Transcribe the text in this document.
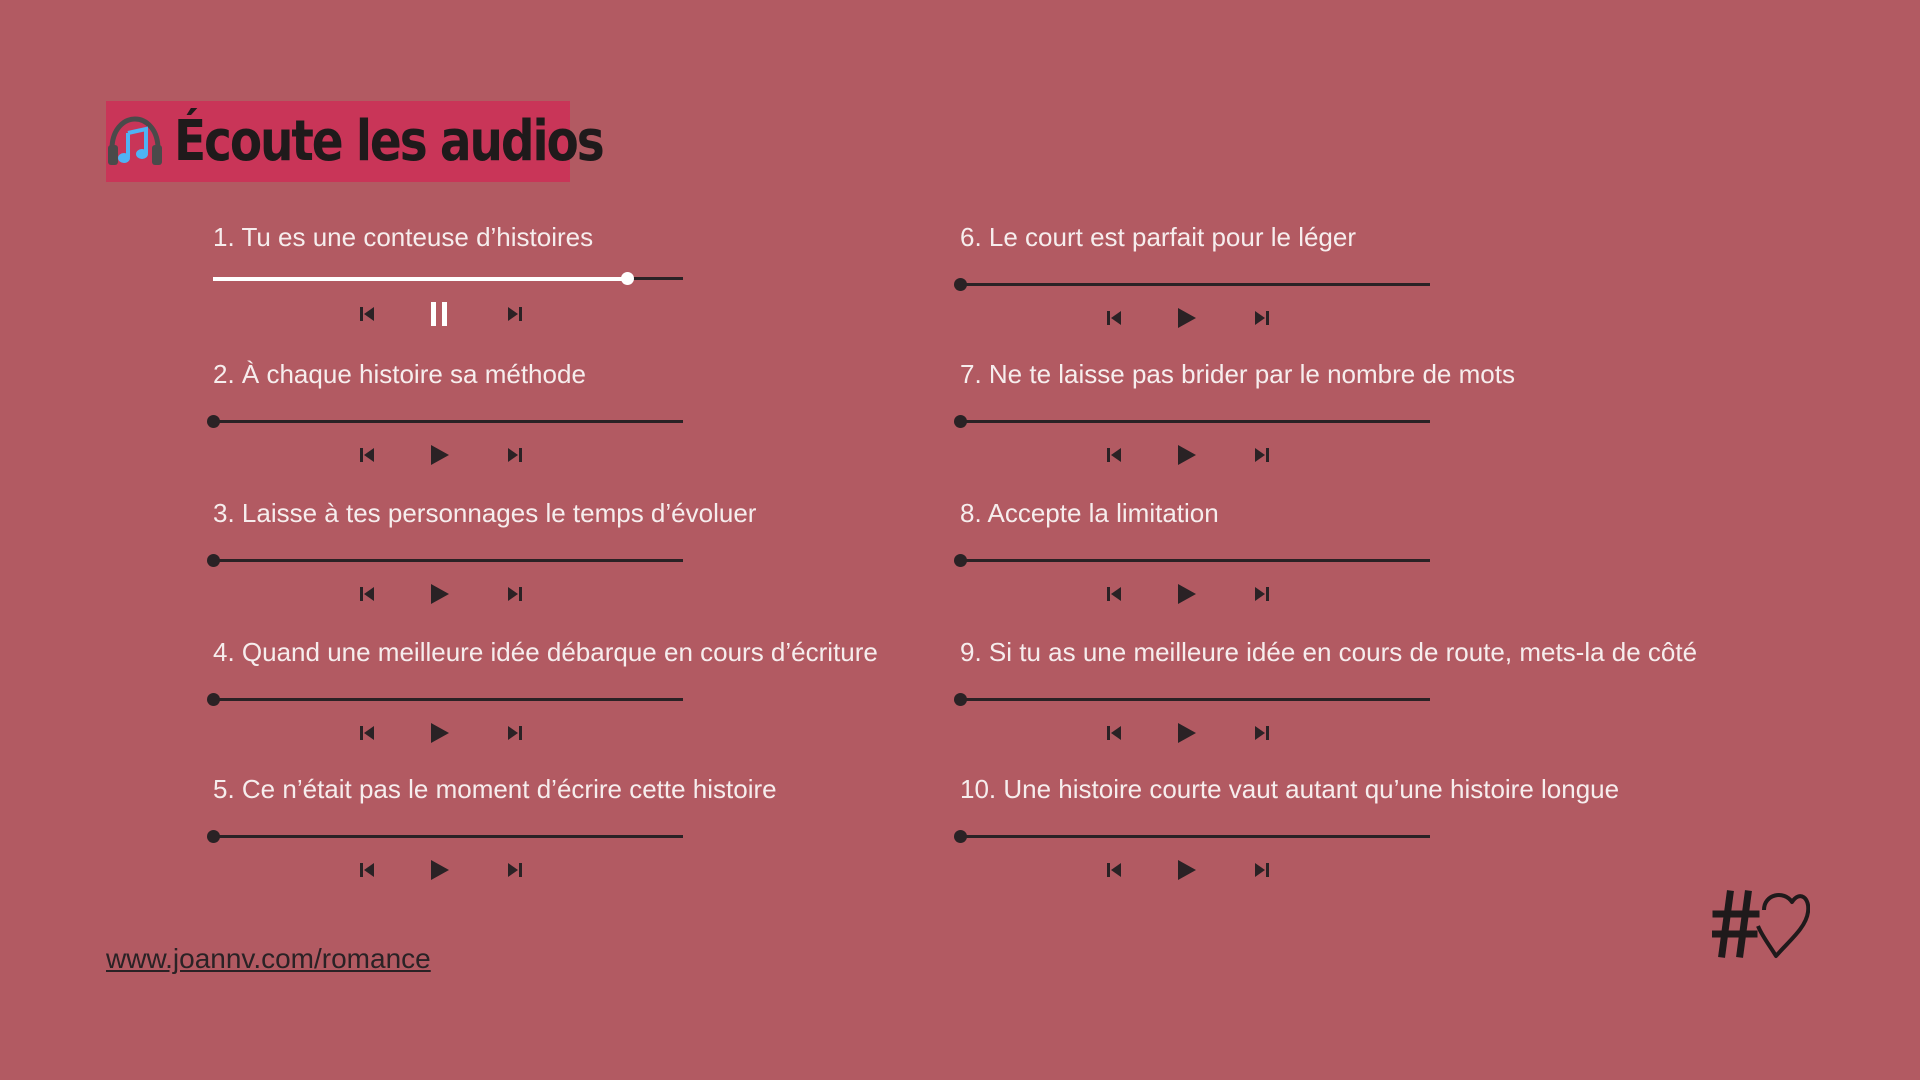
Écoute les audios
1. Tu es une conteuse d’histoires
2. À chaque histoire sa méthode
3. Laisse à tes personnages le temps d’évoluer
4. Quand une meilleure idée débarque en cours d’écriture
5. Ce n’était pas le moment d’écrire cette histoire
6. Le court est parfait pour le léger
7. Ne te laisse pas brider par le nombre de mots
8. Accepte la limitation
9. Si tu as une meilleure idée en cours de route, mets-la de côté
10. Une histoire courte vaut autant qu’une histoire longue
www.joannv.com/romance
